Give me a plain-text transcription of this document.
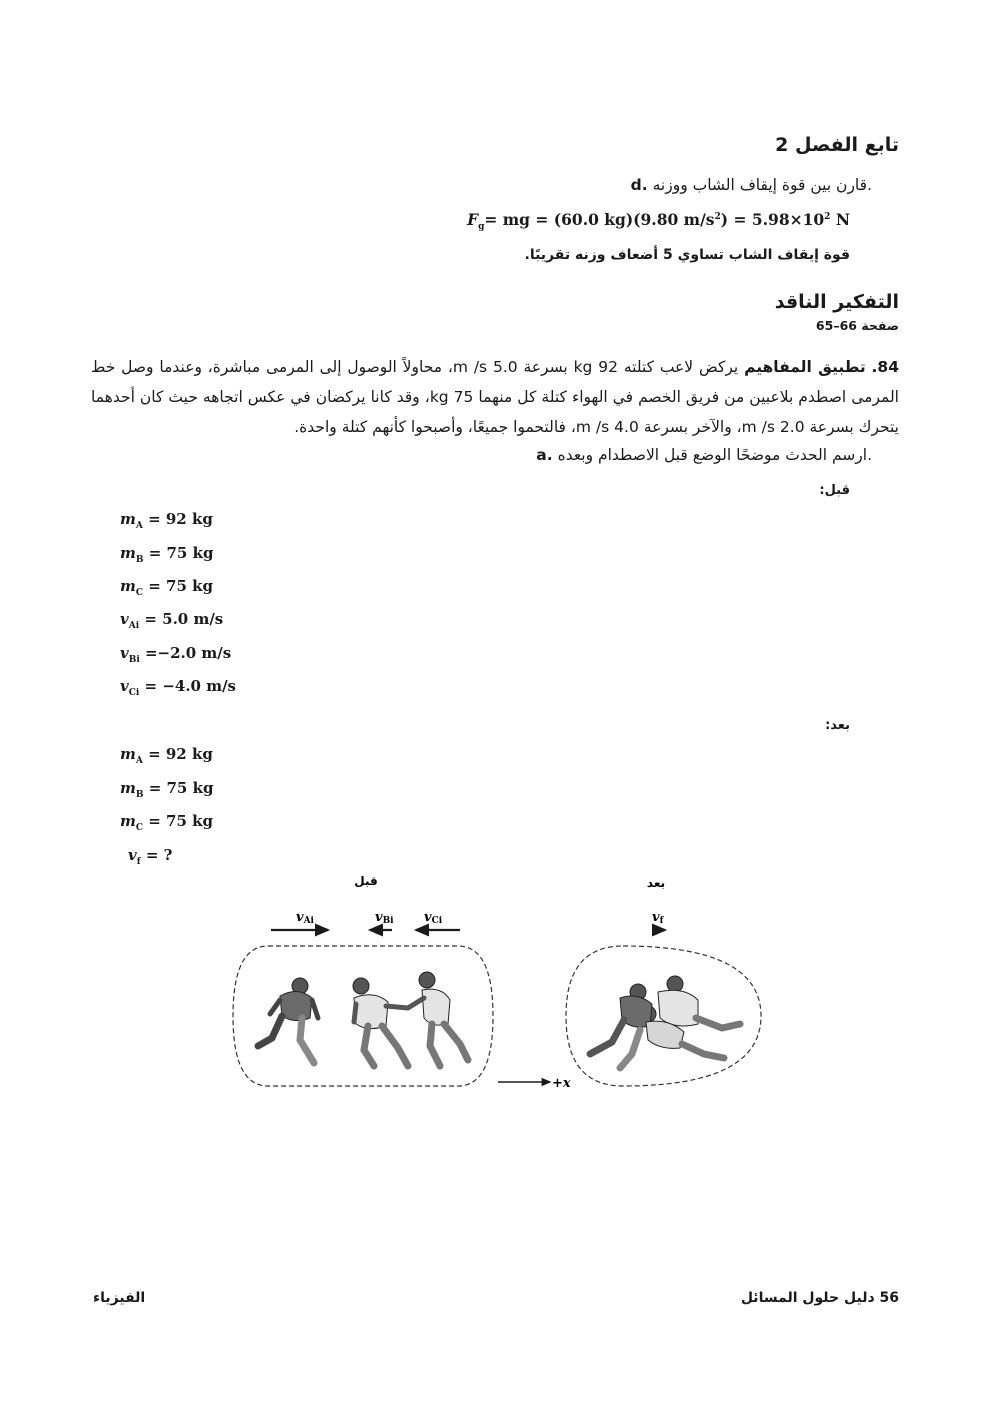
تابع الفصل 2
d. قارن بين قوة إيقاف الشاب ووزنه.
$F_g=$ mg = (60.0 kg)(9.80 $m/s^2) = 5.98\times 10^2$ N
قوة إيقاف الشاب تساوي 5 أضعاف وزنه تقريبًا.
التفكير الناقد
صفحة 66–65
84. تطبيق المفاهيم يركض لاعب كتلته 92 kg بسرعة 5.0 m /s، محاولاً الوصول إلى المرمى مباشرة، وعندما وصل خط المرمى اصطدم بلاعبين من فريق الخصم في الهواء كتلة كل منهما 75 kg، وقد كانا يركضان في عكس اتجاهه حيث كان أحدهما يتحرك بسرعة 2.0 m /s، والآخر بسرعة 4.0 m /s، فالتحموا جميعًا، وأصبحوا كأنهم كتلة واحدة.
a. ارسم الحدث موضحًا الوضع قبل الاصطدام وبعده.
قبل:
$m_A = 92$ kg
$m_B = 75$ kg
$m_C = 75$ kg
$v_{Ai} = 5.0$ m/s
$v_{Bi} =-2.0$ m/s
$v_{Ci} = -4.0$ m/s
بعد:
$m_A = 92$ kg
$m_B = 75$ kg
$m_C = 75$ kg
$v_f$ = ?
قبل	بعد
vAi	vBi vCi	vf
+x
الفيزياء	56 دليل حلول المسائل
